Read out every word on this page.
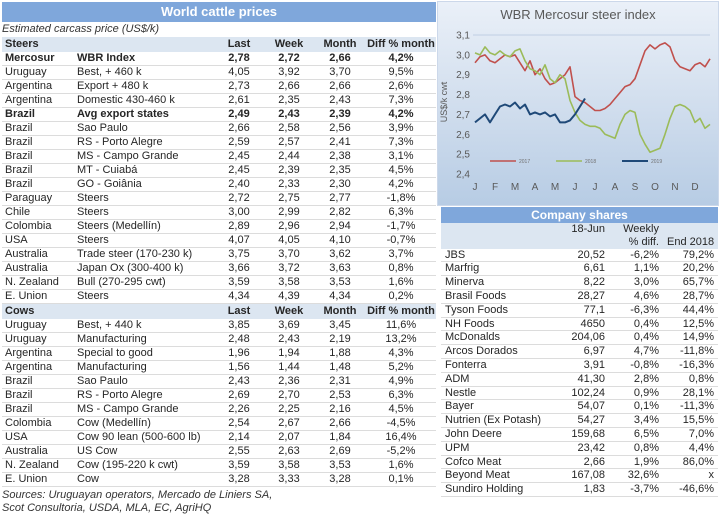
World cattle prices
Estimated carcass price (US$/k)
Steers		Last	Week	Month	Diff % month
Mercosur	WBR Index	2,78	2,72	2,66	4,2%
Uruguay	Best, + 460 k	4,05	3,92	3,70	9,5%
Argentina	Export + 480 k	2,73	2,66	2,66	2,6%
Argentina	Domestic 430-460 k	2,61	2,35	2,43	7,3%
Brazil	Avg export states	2,49	2,43	2,39	4,2%
Brazil	Sao Paulo	2,66	2,58	2,56	3,9%
Brazil	RS - Porto Alegre	2,59	2,57	2,41	7,3%
Brazil	MS - Campo Grande	2,45	2,44	2,38	3,1%
Brazil	MT - Cuiabá	2,45	2,39	2,35	4,5%
Brazil	GO - Goiânia	2,40	2,33	2,30	4,2%
Paraguay	Steers	2,72	2,75	2,77	-1,8%
Chile	Steers	3,00	2,99	2,82	6,3%
Colombia	Steers (Medellín)	2,89	2,96	2,94	-1,7%
USA	Steers	4,07	4,05	4,10	-0,7%
Australia	Trade steer (170-230 k)	3,75	3,70	3,62	3,7%
Australia	Japan Ox (300-400 k)	3,66	3,72	3,63	0,8%
N. Zealand	Bull (270-295 cwt)	3,59	3,58	3,53	1,6%
E. Union	Steers	4,34	4,39	4,34	0,2%
Cows		Last	Week	Month	Diff % month
Uruguay	Best, + 440 k	3,85	3,69	3,45	11,6%
Uruguay	Manufacturing	2,48	2,43	2,19	13,2%
Argentina	Special to good	1,96	1,94	1,88	4,3%
Argentina	Manufacturing	1,56	1,44	1,48	5,2%
Brazil	Sao Paulo	2,43	2,36	2,31	4,9%
Brazil	RS - Porto Alegre	2,69	2,70	2,53	6,3%
Brazil	MS - Campo Grande	2,26	2,25	2,16	4,5%
Colombia	Cow (Medellín)	2,54	2,67	2,66	-4,5%
USA	Cow 90 lean (500-600 lb)	2,14	2,07	1,84	16,4%
Australia	US Cow	2,55	2,63	2,69	-5,2%
N. Zealand	Cow (195-220 k cwt)	3,59	3,58	3,53	1,6%
E. Union	Cow	3,28	3,33	3,28	0,1%
Sources: Uruguayan operators, Mercado de Liniers SA,
Scot Consultoria, USDA, MLA, EC, AgriHQ
WBR Mercosur steer index
US$/k cwt
2,4
2,5
2,6
2,7
2,8
2,9
3,0
3,1
J F M A M J J A S O N D
2017	2018	2019
Company shares
	18-Jun	Weekly	
		% diff.	End 2018
JBS	20,52	-6,2%	79,2%
Marfrig	6,61	1,1%	20,2%
Minerva	8,22	3,0%	65,7%
Brasil Foods	28,27	4,6%	28,7%
Tyson Foods	77,1	-6,3%	44,4%
NH Foods	4650	0,4%	12,5%
McDonalds	204,06	0,4%	14,9%
Arcos Dorados	6,97	4,7%	-11,8%
Fonterra	3,91	-0,8%	-16,3%
ADM	41,30	2,8%	0,8%
Nestle	102,24	0,9%	28,1%
Bayer	54,07	0,1%	-11,3%
Nutrien (Ex Potash)	54,27	3,4%	15,5%
John Deere	159,68	6,5%	7,0%
UPM	23,42	0,8%	4,4%
Cofco Meat	2,66	1,9%	86,0%
Beyond Meat	167,08	32,6%	x
Sundiro Holding	1,83	-3,7%	-46,6%
